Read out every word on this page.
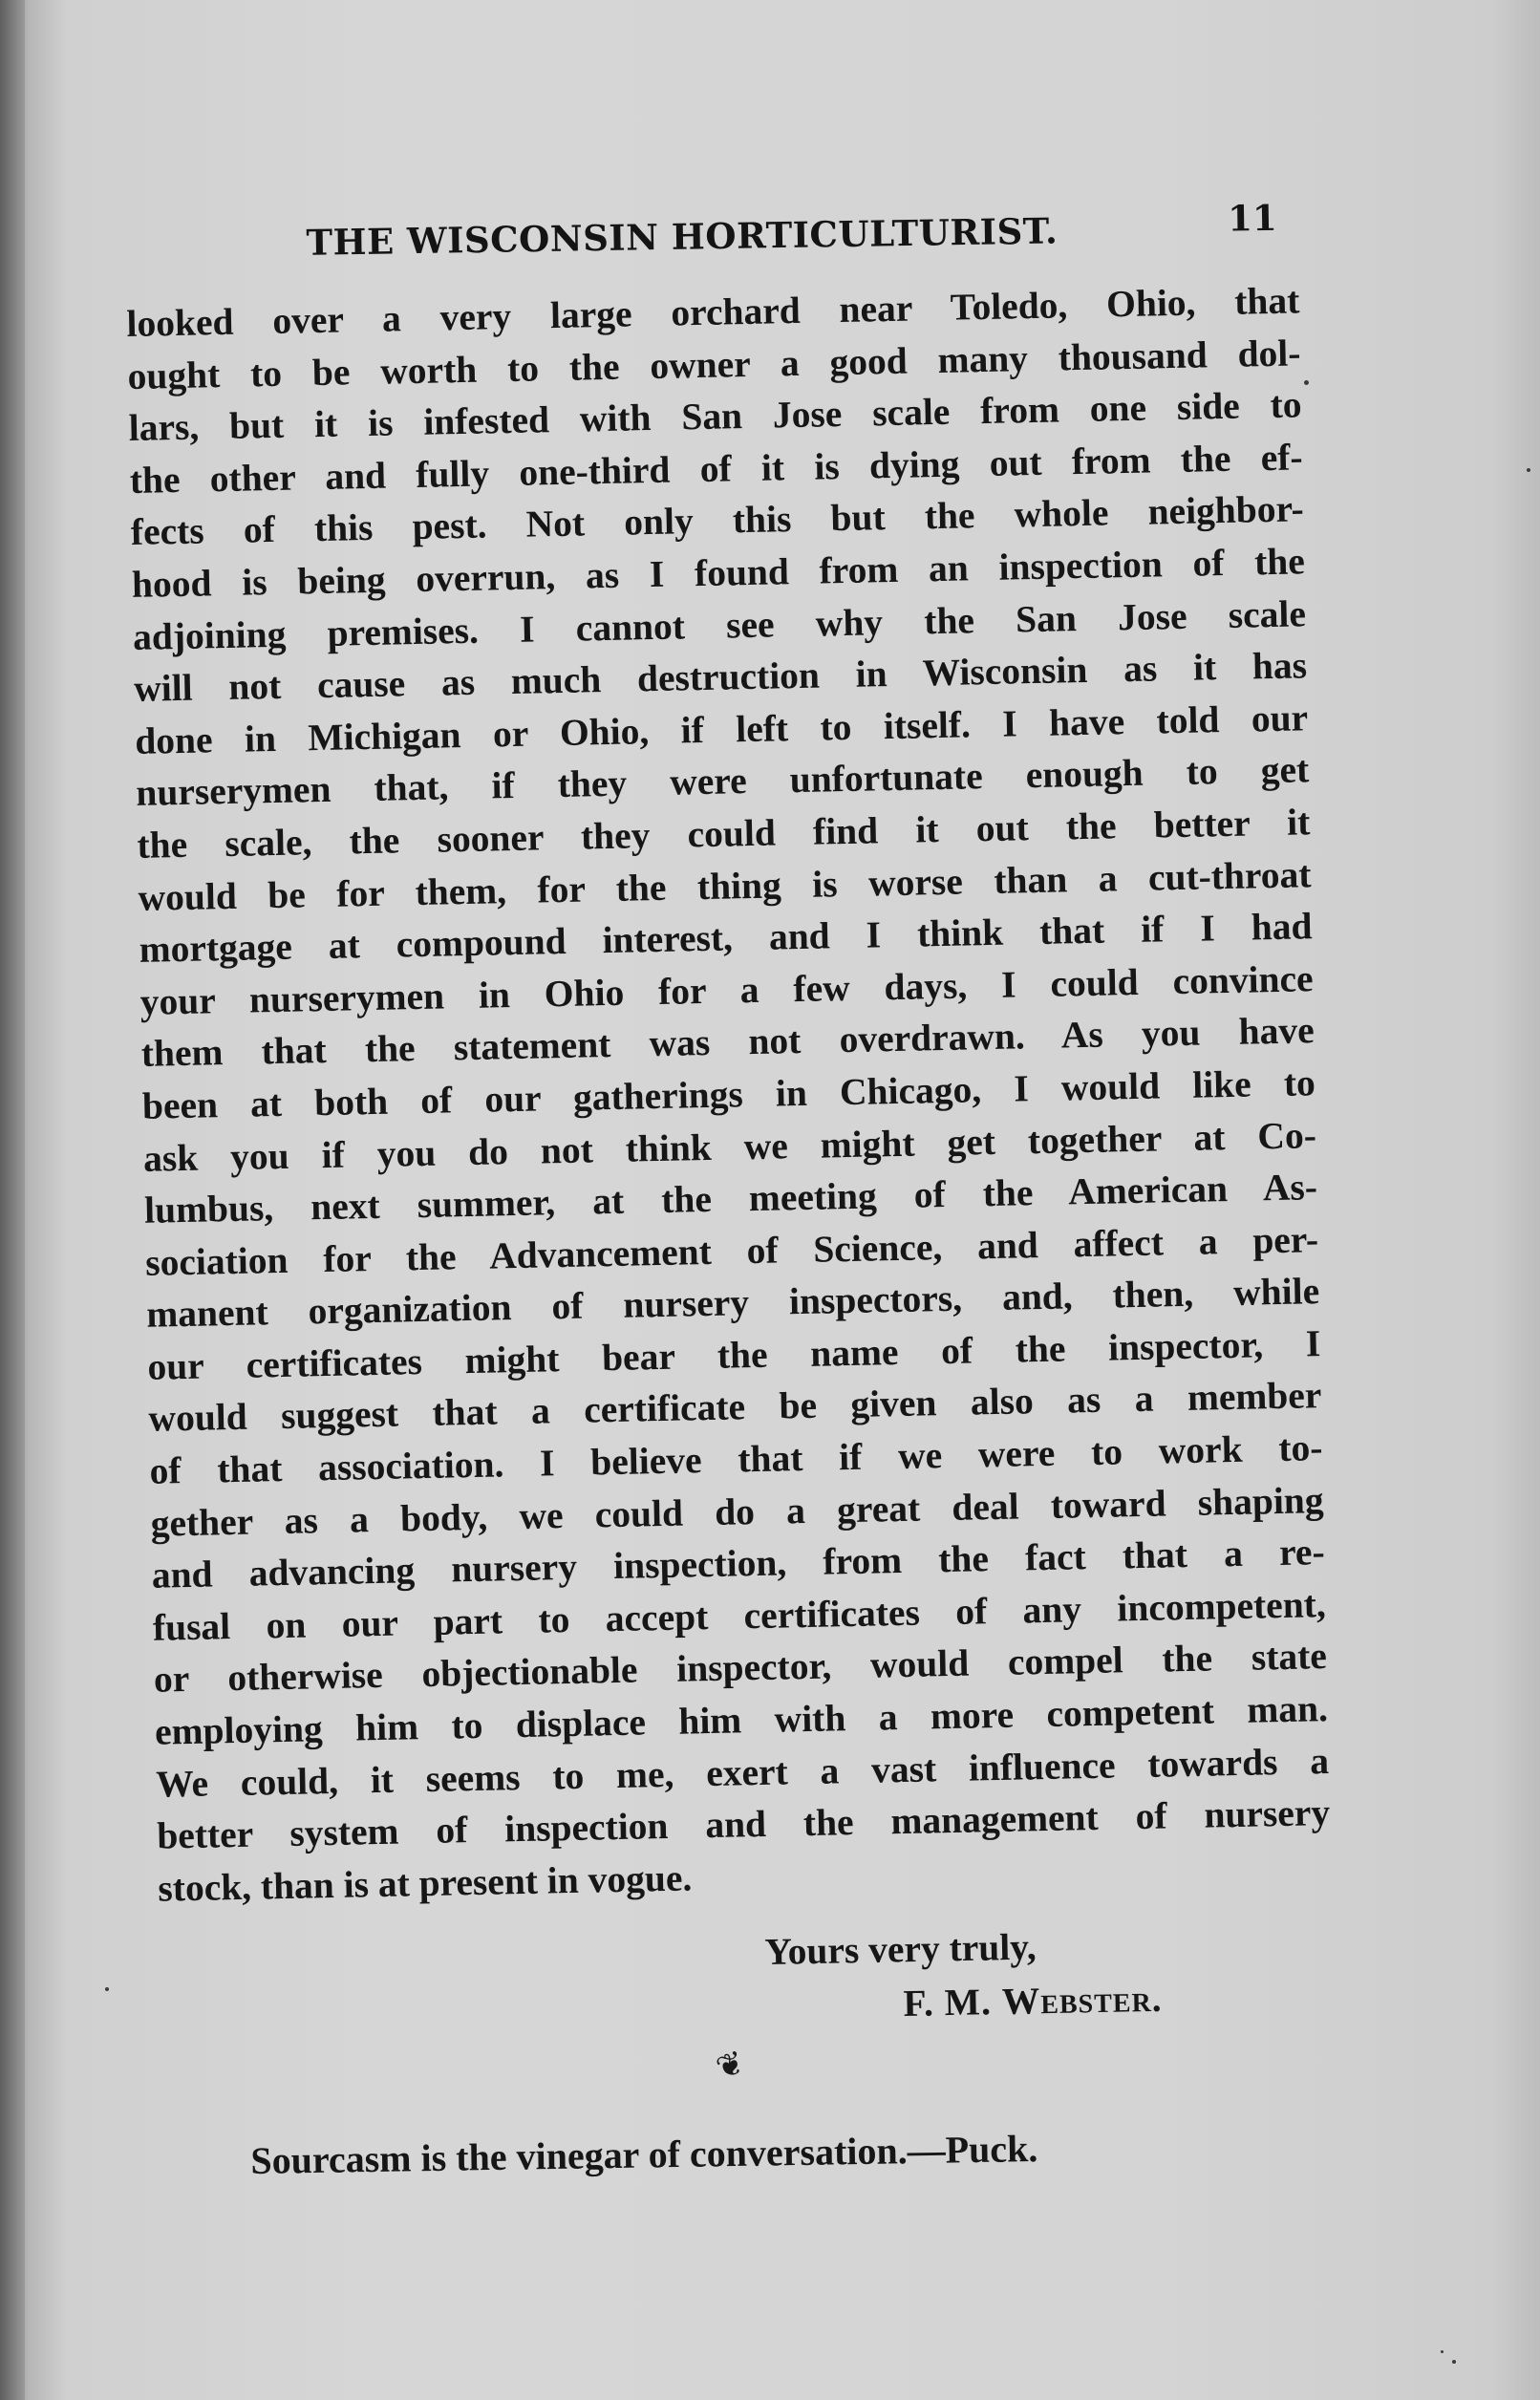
THE WISCONSIN HORTICULTURIST.	11
looked over a very large orchard near Toledo, Ohio, that
ought to be worth to the owner a good many thousand dol-
lars, but it is infested with San Jose scale from one side to
the other and fully one-third of it is dying out from the ef-
fects of this pest. Not only this but the whole neighbor-
hood is being overrun, as I found from an inspection of the
adjoining premises. I cannot see why the San Jose scale
will not cause as much destruction in Wisconsin as it has
done in Michigan or Ohio, if left to itself. I have told our
nurserymen that, if they were unfortunate enough to get
the scale, the sooner they could find it out the better it
would be for them, for the thing is worse than a cut-throat
mortgage at compound interest, and I think that if I had
your nurserymen in Ohio for a few days, I could convince
them that the statement was not overdrawn. As you have
been at both of our gatherings in Chicago, I would like to
ask you if you do not think we might get together at Co-
lumbus, next summer, at the meeting of the American As-
sociation for the Advancement of Science, and affect a per-
manent organization of nursery inspectors, and, then, while
our certificates might bear the name of the inspector, I
would suggest that a certificate be given also as a member
of that association. I believe that if we were to work to-
gether as a body, we could do a great deal toward shaping
and advancing nursery inspection, from the fact that a re-
fusal on our part to accept certificates of any incompetent,
or otherwise objectionable inspector, would compel the state
employing him to displace him with a more competent man.
We could, it seems to me, exert a vast influence towards a
better system of inspection and the management of nursery
stock, than is at present in vogue.
Yours very truly,
F. M. Webster.
❦
Sourcasm is the vinegar of conversation.—Puck.
